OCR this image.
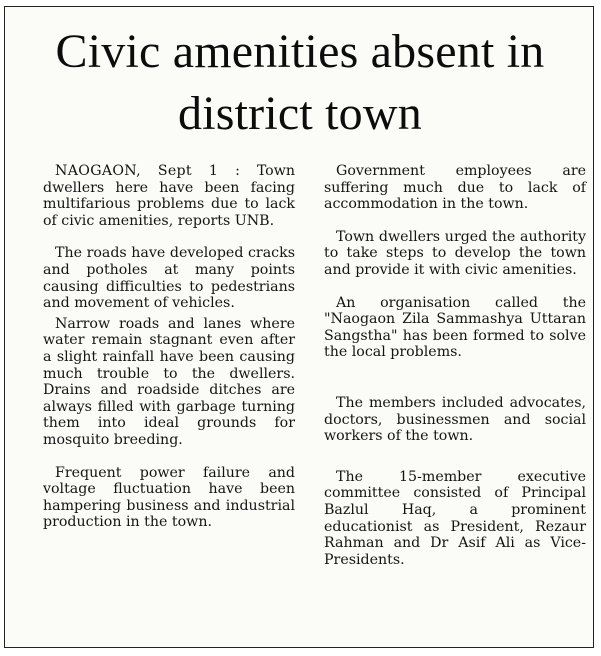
Civic amenities absent in district town

NAOGAON, Sept 1 : Town dwellers here have been facing multifarious problems due to lack of civic amenities, reports UNB.

The roads have developed cracks and potholes at many points causing difficulties to pedestrians and movement of vehicles.

Narrow roads and lanes where water remain stagnant even after a slight rainfall have been causing much trouble to the dwellers. Drains and roadside ditches are always filled with garbage turning them into ideal grounds for mosquito breeding.

Frequent power failure and voltage fluctuation have been hampering business and industrial production in the town.

Government employees are suffering much due to lack of accommodation in the town.

Town dwellers urged the authority to take steps to develop the town and provide it with civic amenities.

An organisation called the "Naogaon Zila Sammashya Uttaran Sangstha" has been formed to solve the local problems.

The members included advocates, doctors, businessmen and social workers of the town.

The 15-member executive committee consisted of Principal Bazlul Haq, a prominent educationist as President, Rezaur Rahman and Dr Asif Ali as Vice-Presidents.
